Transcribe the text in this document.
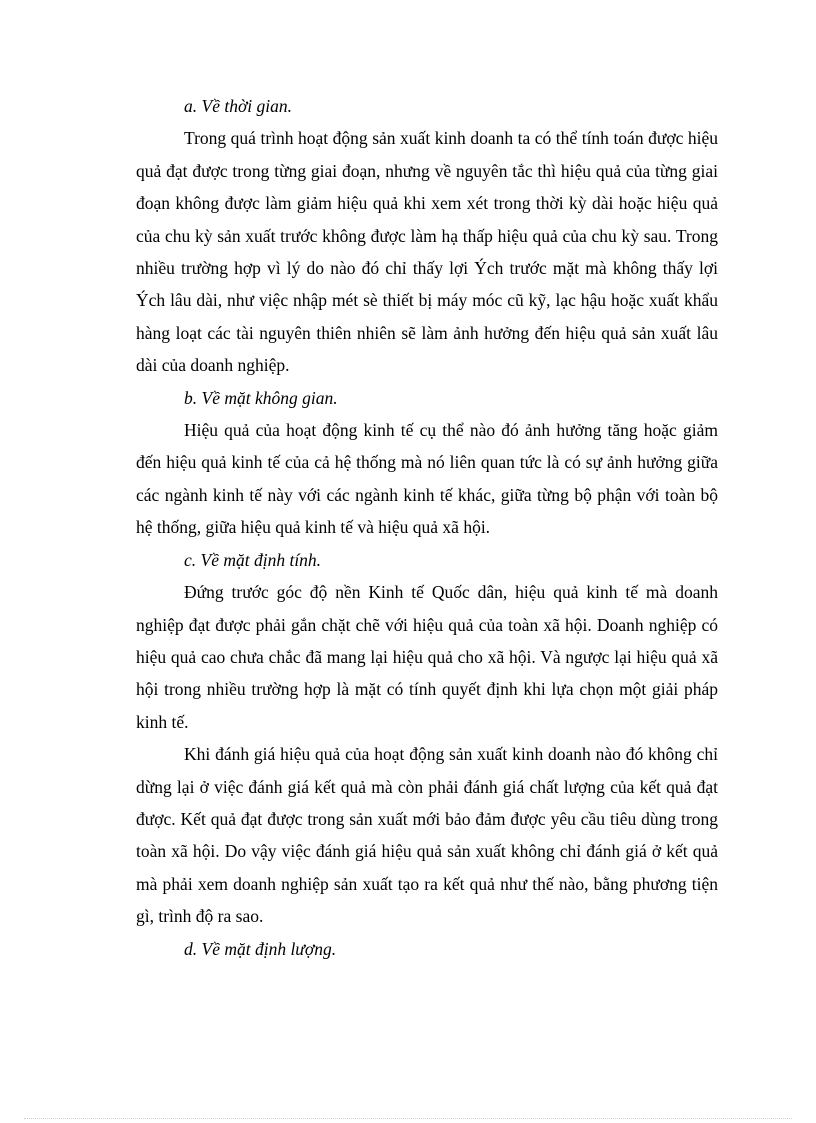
a. Về thời gian.

Trong quá trình hoạt động sản xuất kinh doanh ta có thể tính toán được hiệu quả đạt được trong từng giai đoạn, nhưng về nguyên tắc thì hiệu quả của từng giai đoạn không được làm giảm hiệu quả khi xem xét trong thời kỳ dài hoặc hiệu quả của chu kỳ sản xuất trước không được làm hạ thấp hiệu quả của chu kỳ sau. Trong nhiều trường hợp vì lý do nào đó chỉ thấy lợi Ých trước mặt mà không thấy lợi Ých lâu dài, như việc nhập mét sè thiết bị máy móc cũ kỹ, lạc hậu hoặc xuất khẩu hàng loạt các tài nguyên thiên nhiên sẽ làm ảnh hưởng đến hiệu quả sản xuất lâu dài của doanh nghiệp.

b. Về mặt không gian.

Hiệu quả của hoạt động kinh tế cụ thể nào đó ảnh hưởng tăng hoặc giảm đến hiệu quả kinh tế của cả hệ thống mà nó liên quan tức là có sự ảnh hưởng giữa các ngành kinh tế này với các ngành kinh tế khác, giữa từng bộ phận với toàn bộ hệ thống, giữa hiệu quả kinh tế và hiệu quả xã hội.

c. Về mặt định tính.

Đứng trước góc độ nền Kinh tế Quốc dân, hiệu quả kinh tế mà doanh nghiệp đạt được phải gắn chặt chẽ với hiệu quả của toàn xã hội. Doanh nghiệp có hiệu quả cao chưa chắc đã mang lại hiệu quả cho xã hội. Và ngược lại hiệu quả xã hội trong nhiều trường hợp là mặt có tính quyết định khi lựa chọn một giải pháp kinh tế.

Khi đánh giá hiệu quả của hoạt động sản xuất kinh doanh nào đó không chỉ dừng lại ở việc đánh giá kết quả mà còn phải đánh giá chất lượng của kết quả đạt được. Kết quả đạt được trong sản xuất mới bảo đảm được yêu cầu tiêu dùng trong toàn xã hội. Do vậy việc đánh giá hiệu quả sản xuất không chỉ đánh giá ở kết quả mà phải xem doanh nghiệp sản xuất tạo ra kết quả như thế nào, bằng phương tiện gì, trình độ ra sao.

d. Về mặt định lượng.
